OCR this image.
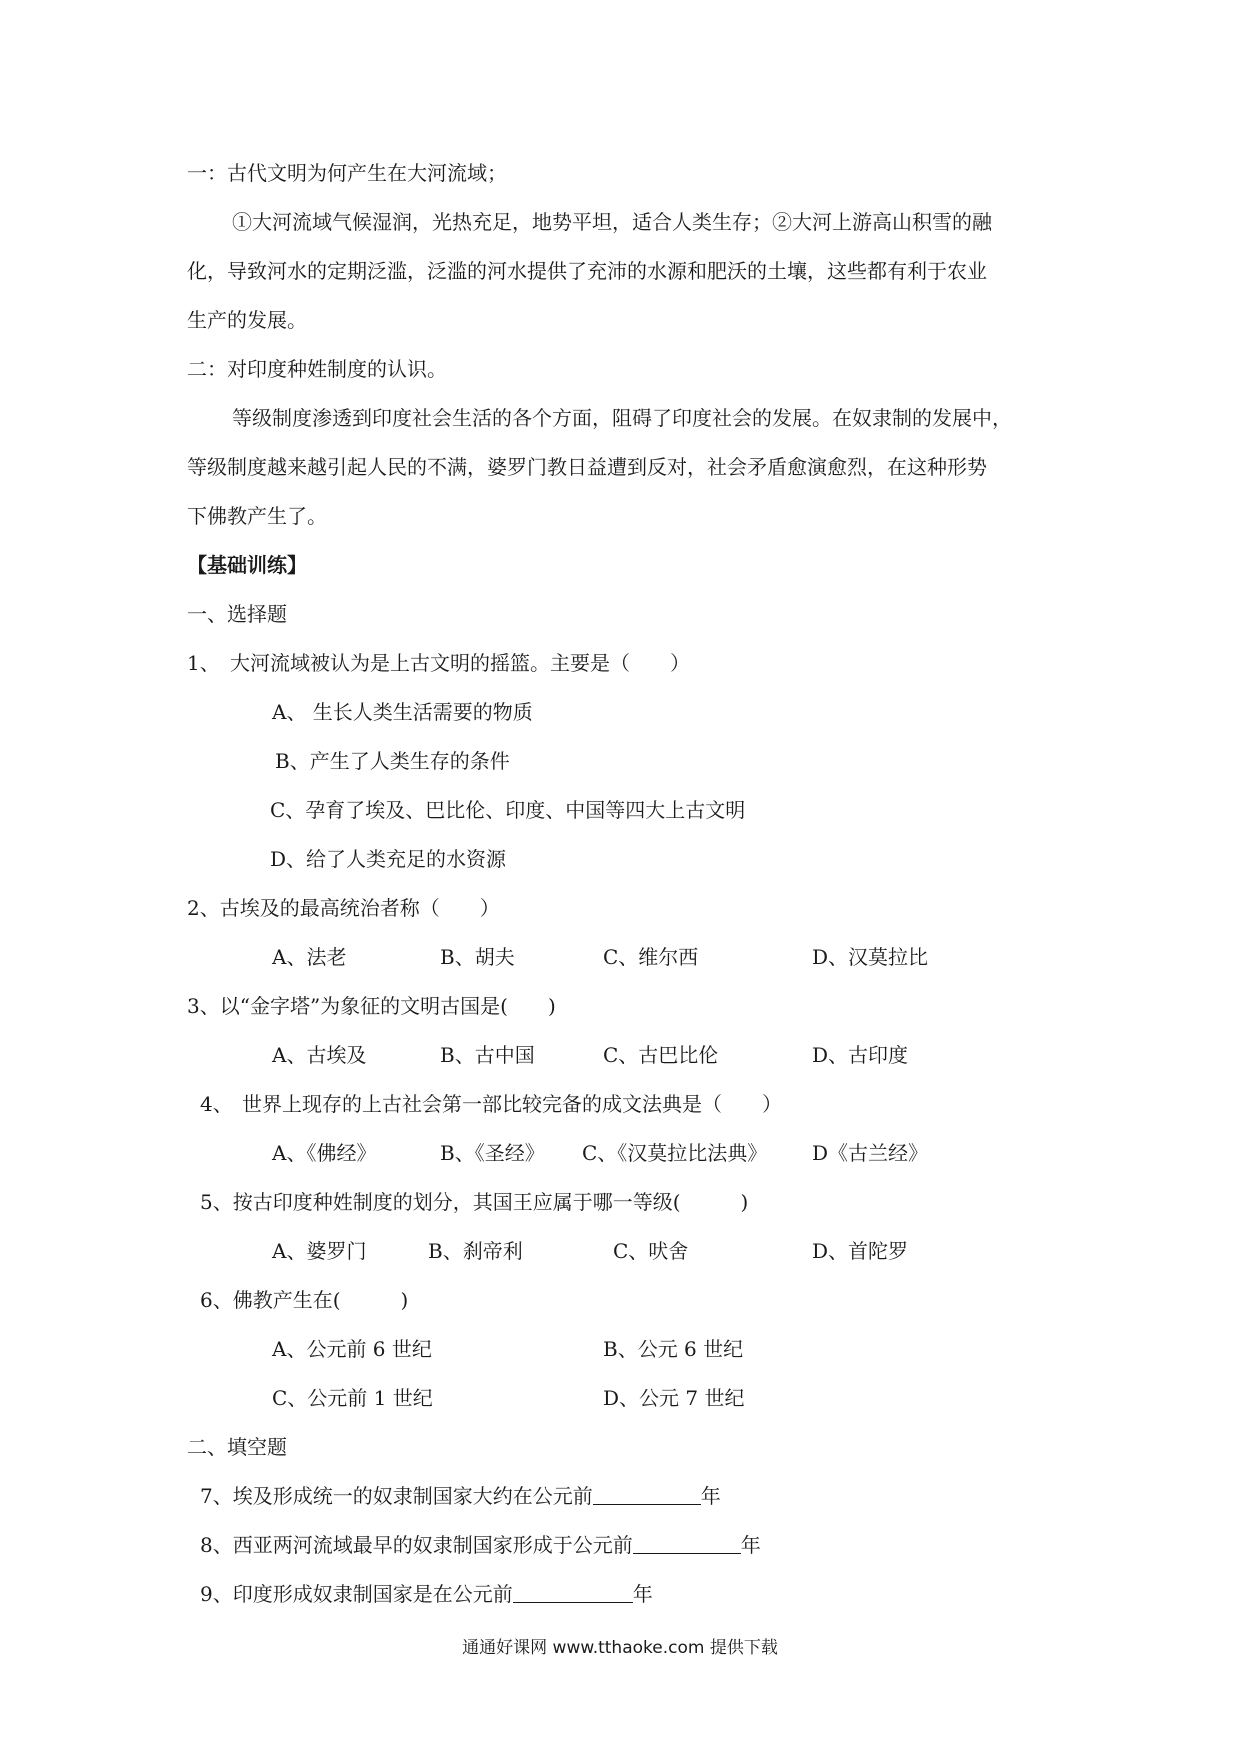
一：古代文明为何产生在大河流域；
①大河流域气候湿润，光热充足，地势平坦，适合人类生存；②大河上游高山积雪的融
化，导致河水的定期泛滥，泛滥的河水提供了充沛的水源和肥沃的土壤，这些都有利于农业
生产的发展。
二：对印度种姓制度的认识。
等级制度渗透到印度社会生活的各个方面，阻碍了印度社会的发展。在奴隶制的发展中，
等级制度越来越引起人民的不满，婆罗门教日益遭到反对，社会矛盾愈演愈烈，在这种形势
下佛教产生了。
【基础训练】
一、选择题
1、 大河流域被认为是上古文明的摇篮。主要是（　　）
A、 生长人类生活需要的物质
B、产生了人类生存的条件
C、孕育了埃及、巴比伦、印度、中国等四大上古文明
D、给了人类充足的水资源
2、古埃及的最高统治者称（　　）
A、法老	B、胡夫	C、维尔西	D、汉莫拉比
3、以“金字塔”为象征的文明古国是(　　)
A、古埃及	B、古中国	C、古巴比伦	D、古印度
4、 世界上现存的上古社会第一部比较完备的成文法典是（　　）
A、《佛经》	B、《圣经》 C、《汉莫拉比法典》 D《古兰经》
5、按古印度种姓制度的划分，其国王应属于哪一等级(　　　)
A、婆罗门	B、刹帝利	C、吠舍	D、首陀罗
6、佛教产生在(　　　)
A、公元前 6 世纪	B、公元 6 世纪
C、公元前 1 世纪	D、公元 7 世纪
二、填空题
7、埃及形成统一的奴隶制国家大约在公元前	年
8、西亚两河流域最早的奴隶制国家形成于公元前	年
9、印度形成奴隶制国家是在公元前	年
通通好课网 www.tthaoke.com 提供下载
